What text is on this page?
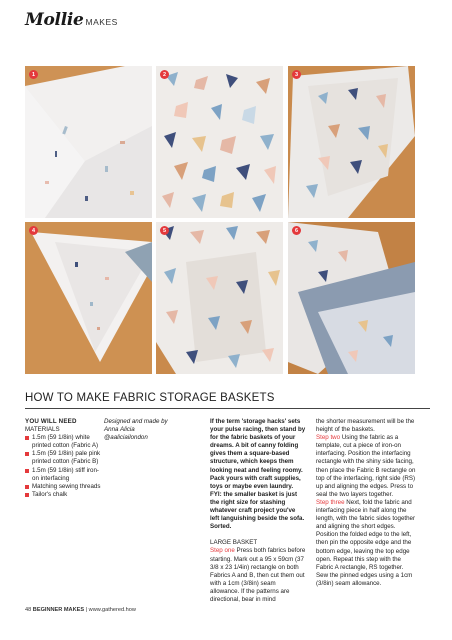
Mollie MAKES
1	2	3
4	5	6
HOW TO MAKE FABRIC STORAGE BASKETS
YOU WILL NEED
MATERIALS
1.5m (59 1/8in) white printed cotton (Fabric A)
1.5m (59 1/8in) pale pink printed cotton (Fabric B)
1.5m (59 1/8in) stiff iron-on interfacing
Matching sewing threads
Tailor's chalk
Designed and made by
Anna Alicia
@aaliciailondon

If the term 'storage hacks' sets your pulse racing, then stand by for the fabric baskets of your dreams. A bit of canny folding gives them a square-based structure, which keeps them looking neat and feeling roomy. Pack yours with craft supplies, toys or maybe even laundry. FYI: the smaller basket is just the right size for stashing whatever craft project you've left languishing beside the sofa. Sorted.

LARGE BASKET

Step one Press both fabrics before starting. Mark out a 95 x 59cm (37 3/8 x 23 1/4in) rectangle on both Fabrics A and B, then cut them out with a 1cm (3/8in) seam allowance. If the patterns are directional, bear in mind

the shorter measurement will be the height of the baskets.

Step two Using the fabric as a template, cut a piece of iron-on interfacing. Position the interfacing rectangle with the shiny side facing, then place the Fabric B rectangle on top of the interfacing, right side (RS) up and aligning the edges. Press to seal the two layers together.

Step three Next, fold the fabric and interfacing piece in half along the length, with the fabric sides together and aligning the short edges. Position the folded edge to the left, then pin the opposite edge and the bottom edge, leaving the top edge open. Repeat this step with the Fabric A rectangle, RS together. Sew the pinned edges using a 1cm (3/8in) seam allowance.

48 BEGINNER MAKES | www.gathered.how
